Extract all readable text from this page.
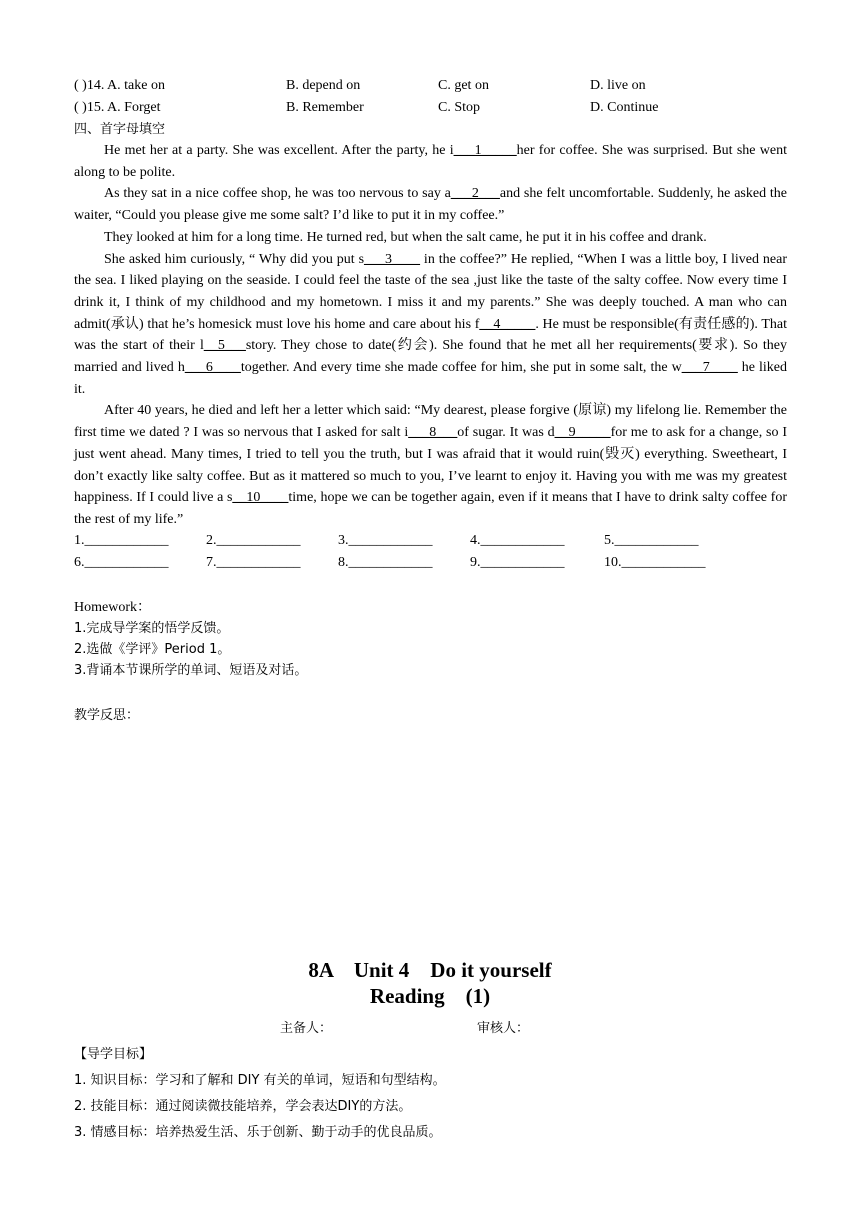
( )14. A. take on	B. depend on	C. get on	D. live on
( )15. A. Forget	B. Remember	C. Stop	D. Continue
四、首字母填空

He met her at a party. She was excellent. After the party, he i___1_____her for coffee. She was surprised. But she went along to be polite.

As they sat in a nice coffee shop, he was too nervous to say a___2___and she felt uncomfortable. Suddenly, he asked the waiter, “Could you please give me some salt? I’d like to put it in my coffee.”

They looked at him for a long time. He turned red, but when the salt came, he put it in his coffee and drank.

She asked him curiously, “ Why did you put s___3____ in the coffee?” He replied, “When I was a little boy, I lived near the sea. I liked playing on the seaside. I could feel the taste of the sea ,just like the taste of the salty coffee. Now every time I drink it, I think of my childhood and my hometown. I miss it and my parents.” She was deeply touched. A man who can admit(承认) that he’s homesick must love his home and care about his f__4_____. He must be responsible(有责任感的). That was the start of their l__5___story. They chose to date(约会). She found that he met all her requirements(要求). So they married and lived h___6____together. And every time she made coffee for him, she put in some salt, the w___7____ he liked it.

After 40 years, he died and left her a letter which said: “My dearest, please forgive (原谅) my lifelong lie. Remember the first time we dated ? I was so nervous that I asked for salt i___8___of sugar. It was d__9_____for me to ask for a change, so I just went ahead. Many times, I tried to tell you the truth, but I was afraid that it would ruin(毁灭) everything. Sweetheart, I don’t exactly like salty coffee. But as it mattered so much to you, I’ve learnt to enjoy it. Having you with me was my greatest happiness. If I could live a s__10____time, hope we can be together again, even if it means that I have to drink salty coffee for the rest of my life.”

1.____________	2.____________	3.____________	4.____________	5.____________
6.____________	7.____________	8.____________	9.____________	10.____________
Homework：
1.完成导学案的悟学反馈。
2.选做《学评》Period 1。
3.背诵本节课所学的单词、短语及对话。
教学反思：
8A    Unit 4    Do it yourself
Reading    (1)
主备人：	审核人：
【导学目标】
1. 知识目标：学习和了解和 DIY 有关的单词，短语和句型结构。
2. 技能目标：通过阅读微技能培养，学会表达DIY的方法。
3. 情感目标：培养热爱生活、乐于创新、勤于动手的优良品质。
